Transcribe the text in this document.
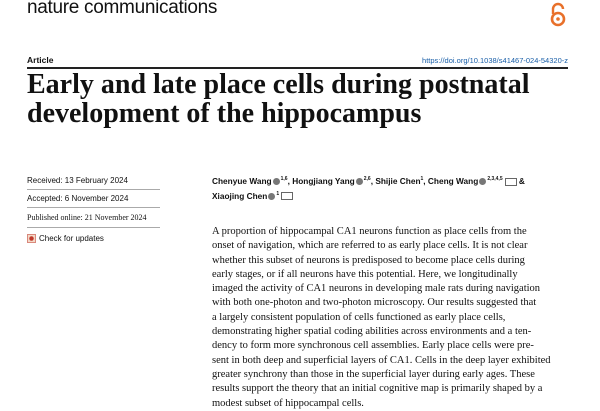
nature communications
Article	https://doi.org/10.1038/s41467-024-54320-z
Early and late place cells during postnatal
development of the hippocampus
Received: 13 February 2024
Accepted: 6 November 2024
Published online: 21 November 2024
Check for updates
Chenyue Wang $^{1,6}$, Hongjiang Yang $^{2,6}$, Shijie Chen$^1$, Cheng Wang $^{2,3,4,5}$ &
Xiaojing Chen $^1$
A proportion of hippocampal CA1 neurons function as place cells from the
onset of navigation, which are referred to as early place cells. It is not clear
whether this subset of neurons is predisposed to become place cells during
early stages, or if all neurons have this potential. Here, we longitudinally
imaged the activity of CA1 neurons in developing male rats during navigation
with both one-photon and two-photon microscopy. Our results suggested that
a largely consistent population of cells functioned as early place cells,
demonstrating higher spatial coding abilities across environments and a ten-
dency to form more synchronous cell assemblies. Early place cells were pre-
sent in both deep and superficial layers of CA1. Cells in the deep layer exhibited
greater synchrony than those in the superficial layer during early ages. These
results support the theory that an initial cognitive map is primarily shaped by a
modest subset of hippocampal cells.
